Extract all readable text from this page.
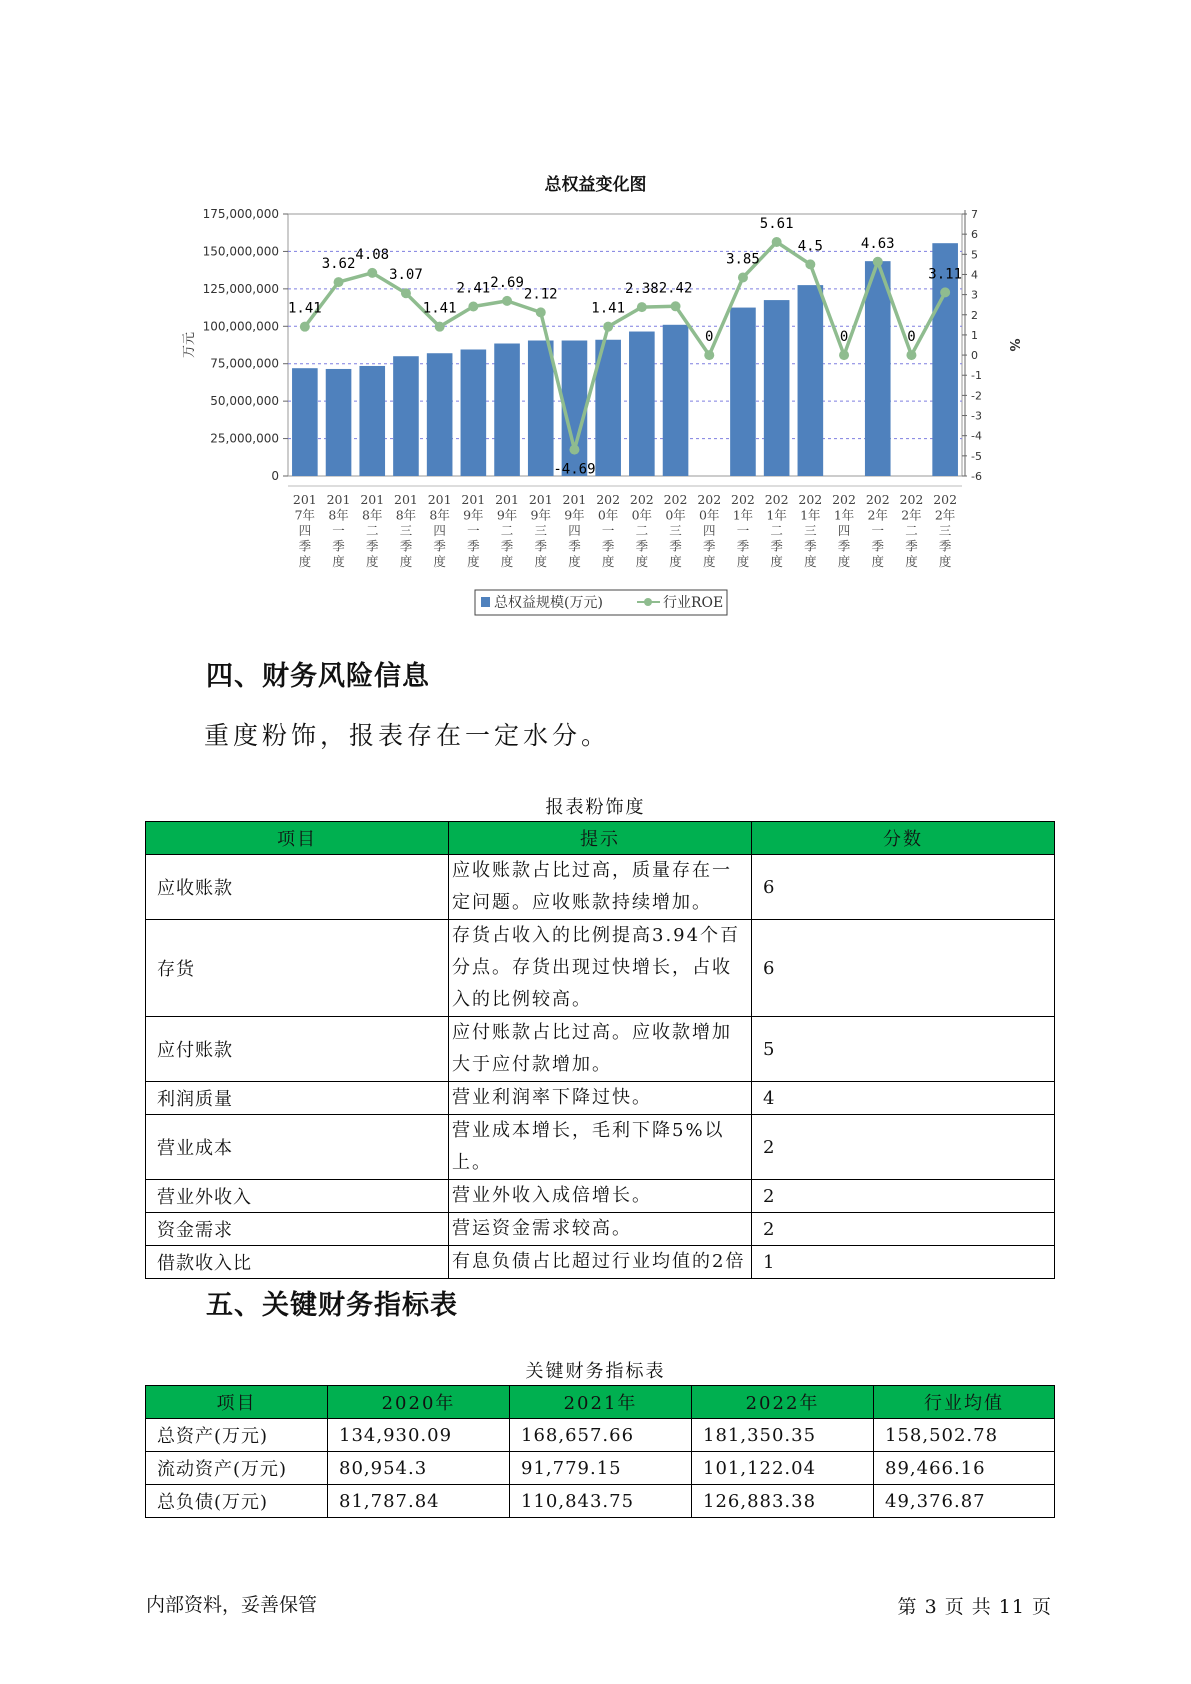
总权益变化图
0
25,000,000
50,000,000
75,000,000
100,000,000
125,000,000
150,000,000
175,000,000
-6
-5
-4
-3
-2
-1
0
1
2
3
4
5
6
7
1.41
3.62
4.08
3.07
1.41
2.41 2.69
2.12
-4.69
1.41
2.38 2.42
0
3.85
5.61
4.5
0
4.63
0
3.11
201 7年四季度
201 8年一季度
201 8年二季度
201 8年三季度
201 8年四季度
201 9年一季度
201 9年二季度
201 9年三季度
201 9年四季度
202 0年一季度
202 0年二季度
202 0年三季度
202 0年四季度
202 1年一季度
202 1年二季度
202 1年三季度
202 1年四季度
202 2年一季度
202 2年二季度
202 2年三季度
万元	%
总权益规模(万元)	行业ROE
四、财务风险信息
重度粉饰，报表存在一定水分。
报表粉饰度
项目	提示	分数
应收账款	应收账款占比过高，质量存在一定问题。应收账款持续增加。	6
存货	存货占收入的比例提高3.94个百分点。存货出现过快增长，占收入的比例较高。	6
应付账款	应付账款占比过高。应收款增加大于应付款增加。	5
利润质量	营业利润率下降过快。	4
营业成本	营业成本增长，毛利下降5%以上。	2
营业外收入	营业外收入成倍增长。	2
资金需求	营运资金需求较高。	2
借款收入比	有息负债占比超过行业均值的2倍	1
五、关键财务指标表
关键财务指标表
项目	2020年	2021年	2022年	行业均值
总资产(万元)	134,930.09	168,657.66	181,350.35	158,502.78
流动资产(万元)	80,954.3	91,779.15	101,122.04	89,466.16
总负债(万元)	81,787.84	110,843.75	126,883.38	49,376.87
内部资料，妥善保管	第 3 页 共 11 页
